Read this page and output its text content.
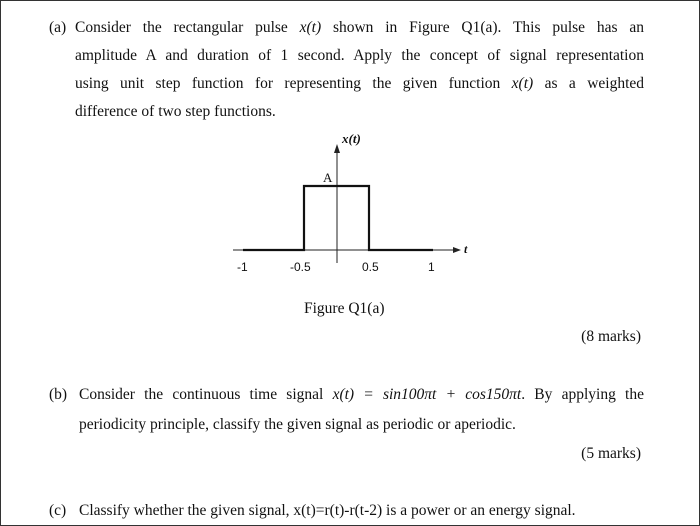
(a) Consider the rectangular pulse x(t) shown in Figure Q1(a). This pulse has an
amplitude A and duration of 1 second. Apply the concept of signal representation
using unit step function for representing the given function x(t) as a weighted
difference of two step functions.
x(t)
t
A
-1	-0.5	0.5	1
Figure Q1(a)
(8 marks)
(b) Consider the continuous time signal x(t) = sin100πt + cos150πt. By applying the
periodicity principle, classify the given signal as periodic or aperiodic.
(5 marks)
(c) Classify whether the given signal, x(t)=r(t)-r(t-2) is a power or an energy signal.
